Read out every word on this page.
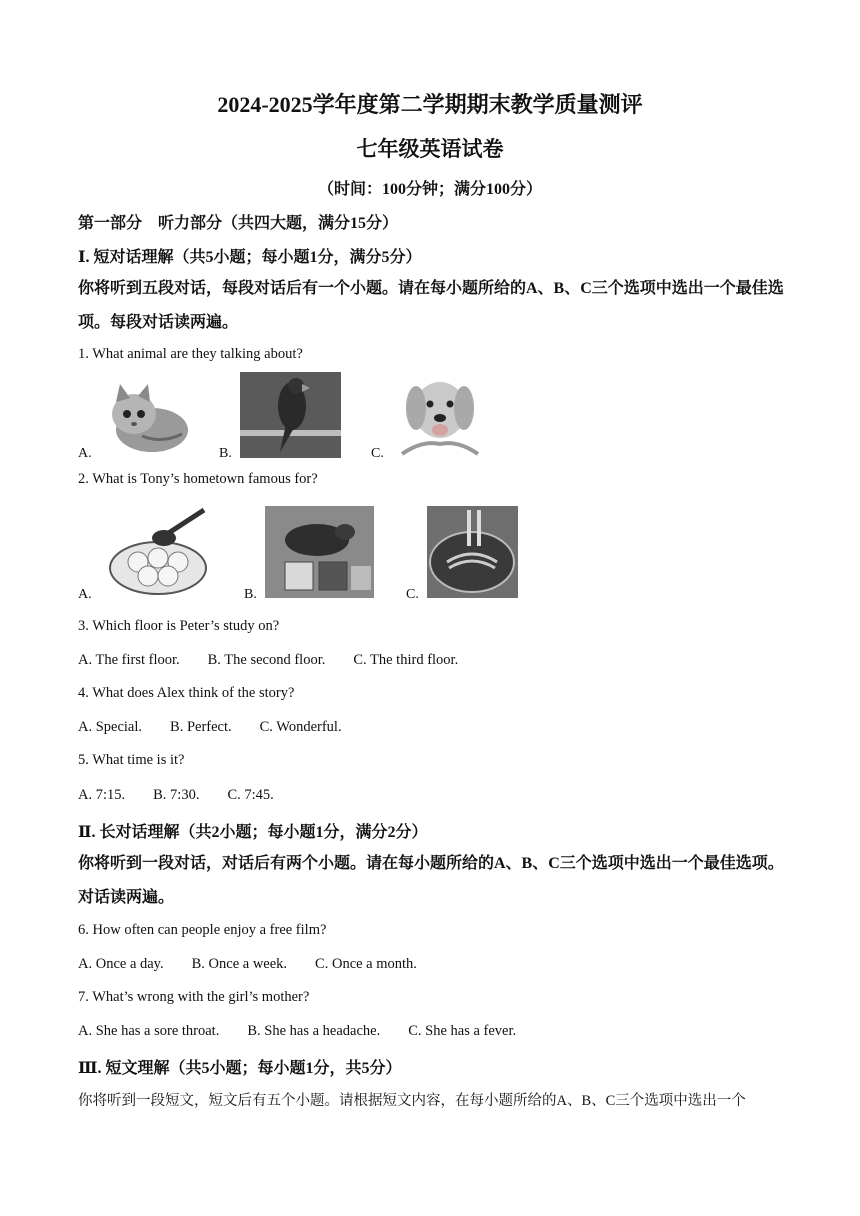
2024-2025学年度第二学期期末教学质量测评
七年级英语试卷
（时间：100分钟；满分100分）
第一部分　听力部分（共四大题，满分15分）
Ⅰ. 短对话理解（共5小题；每小题1分，满分5分）
你将听到五段对话，每段对话后有一个小题。请在每小题所给的A、B、C三个选项中选出一个最佳选项。每段对话读两遍。
1. What animal are they talking about?
A.	B.	C.
2. What is Tony’s hometown famous for?
A.	B.	C.
3. Which floor is Peter’s study on?
A. The first floor. B. The second floor. C. The third floor.
4. What does Alex think of the story?
A. Special. B. Perfect. C. Wonderful.
5. What time is it?
A. 7:15. B. 7:30. C. 7:45.
Ⅱ. 长对话理解（共2小题；每小题1分，满分2分）
你将听到一段对话，对话后有两个小题。请在每小题所给的A、B、C三个选项中选出一个最佳选项。对话读两遍。
6. How often can people enjoy a free film?
A. Once a day. B. Once a week. C. Once a month.
7. What’s wrong with the girl’s mother?
A. She has a sore throat. B. She has a headache. C. She has a fever.
Ⅲ. 短文理解（共5小题；每小题1分，共5分）
你将听到一段短文，短文后有五个小题。请根据短文内容，在每小题所给的A、B、C三个选项中选出一个
